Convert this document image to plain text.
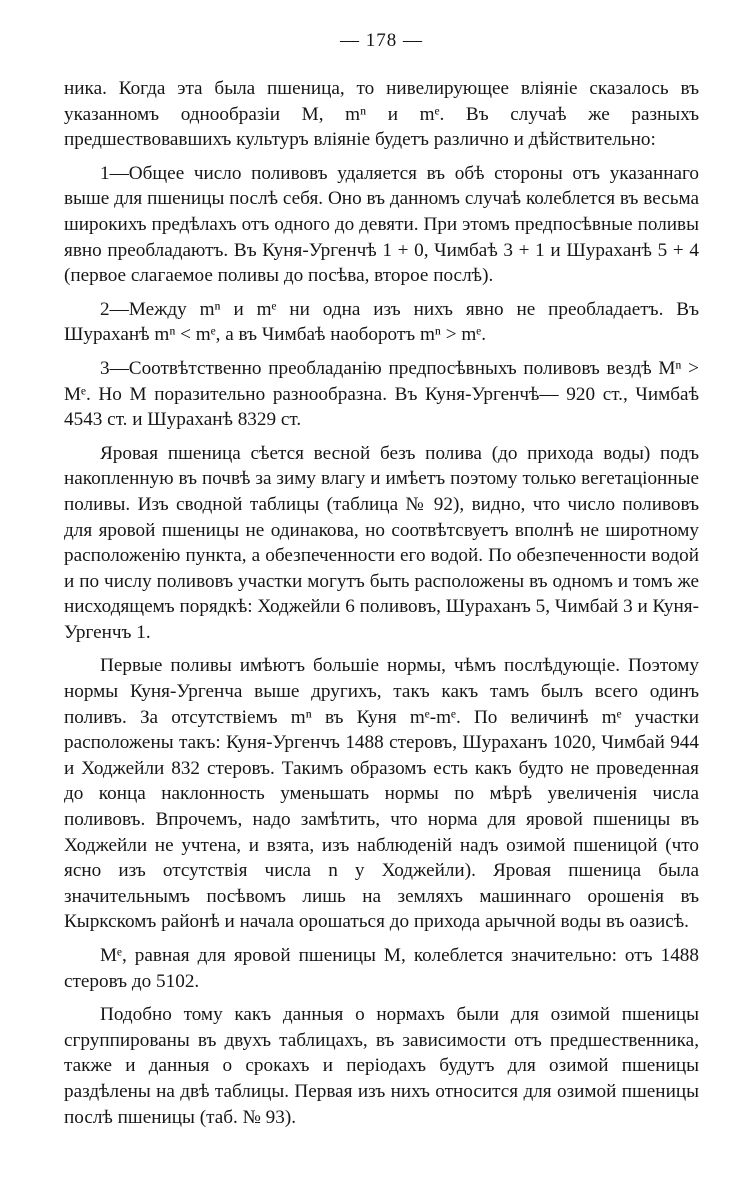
— 178 —

ника. Когда эта была пшеница, то нивелирующее вліяніе сказалось въ указанномъ однообразіи M, mⁿ и mᵉ. Въ случаѣ же разныхъ предшествовавшихъ культуръ вліяніе будетъ различно и дѣйствительно:

1—Общее число поливовъ удаляется въ обѣ стороны отъ указаннаго выше для пшеницы послѣ себя. Оно въ данномъ случаѣ колеблется въ весьма широкихъ предѣлахъ отъ одного до девяти. При этомъ предпосѣвные поливы явно преобладаютъ. Въ Куня-Ургенчѣ 1 + 0, Чимбаѣ 3 + 1 и Шураханѣ 5 + 4 (первое слагаемое поливы до посѣва, второе послѣ).

2—Между mⁿ и mᵉ ни одна изъ нихъ явно не преобладаетъ. Въ Шураханѣ mⁿ < mᵉ, а въ Чимбаѣ наоборотъ mⁿ > mᵉ.

3—Соотвѣтственно преобладанію предпосѣвныхъ поливовъ вездѣ Mⁿ > Mᵉ. Но M поразительно разнообразна. Въ Куня-Ургенчѣ— 920 ст., Чимбаѣ 4543 ст. и Шураханѣ 8329 ст.

Яровая пшеница сѣется весной безъ полива (до прихода воды) подъ накопленную въ почвѣ за зиму влагу и имѣетъ поэтому только вегетаціонные поливы. Изъ сводной таблицы (таблица № 92), видно, что число поливовъ для яровой пшеницы не одинакова, но соотвѣтсвуетъ вполнѣ не широтному расположенію пункта, а обезпеченности его водой. По обезпеченности водой и по числу поливовъ участки могутъ быть расположены въ одномъ и томъ же нисходящемъ порядкѣ: Ходжейли 6 поливовъ, Шураханъ 5, Чимбай 3 и Куня-Ургенчъ 1.

Первые поливы имѣютъ большіе нормы, чѣмъ послѣдующіе. Поэтому нормы Куня-Ургенча выше другихъ, такъ какъ тамъ былъ всего одинъ поливъ. За отсутствіемъ mⁿ въ Куня mᵉ-mᵉ. По величинѣ mᵉ участки расположены такъ: Куня-Ургенчъ 1488 стеровъ, Шураханъ 1020, Чимбай 944 и Ходжейли 832 стеровъ. Такимъ образомъ есть какъ будто не проведенная до конца наклонность уменьшать нормы по мѣрѣ увеличенія числа поливовъ. Впрочемъ, надо замѣтить, что норма для яровой пшеницы въ Ходжейли не учтена, и взята, изъ наблюденій надъ озимой пшеницой (что ясно изъ отсутствія числа n у Ходжейли). Яровая пшеница была значительнымъ посѣвомъ лишь на земляхъ машиннаго орошенія въ Кыркскомъ районѣ и начала орошаться до прихода арычной воды въ оазисѣ.

Mᵉ, равная для яровой пшеницы M, колеблется значительно: отъ 1488 стеровъ до 5102.

Подобно тому какъ данныя о нормахъ были для озимой пшеницы сгруппированы въ двухъ таблицахъ, въ зависимости отъ предшественника, также и данныя о срокахъ и періодахъ будутъ для озимой пшеницы раздѣлены на двѣ таблицы. Первая изъ нихъ относится для озимой пшеницы послѣ пшеницы (таб. № 93).
